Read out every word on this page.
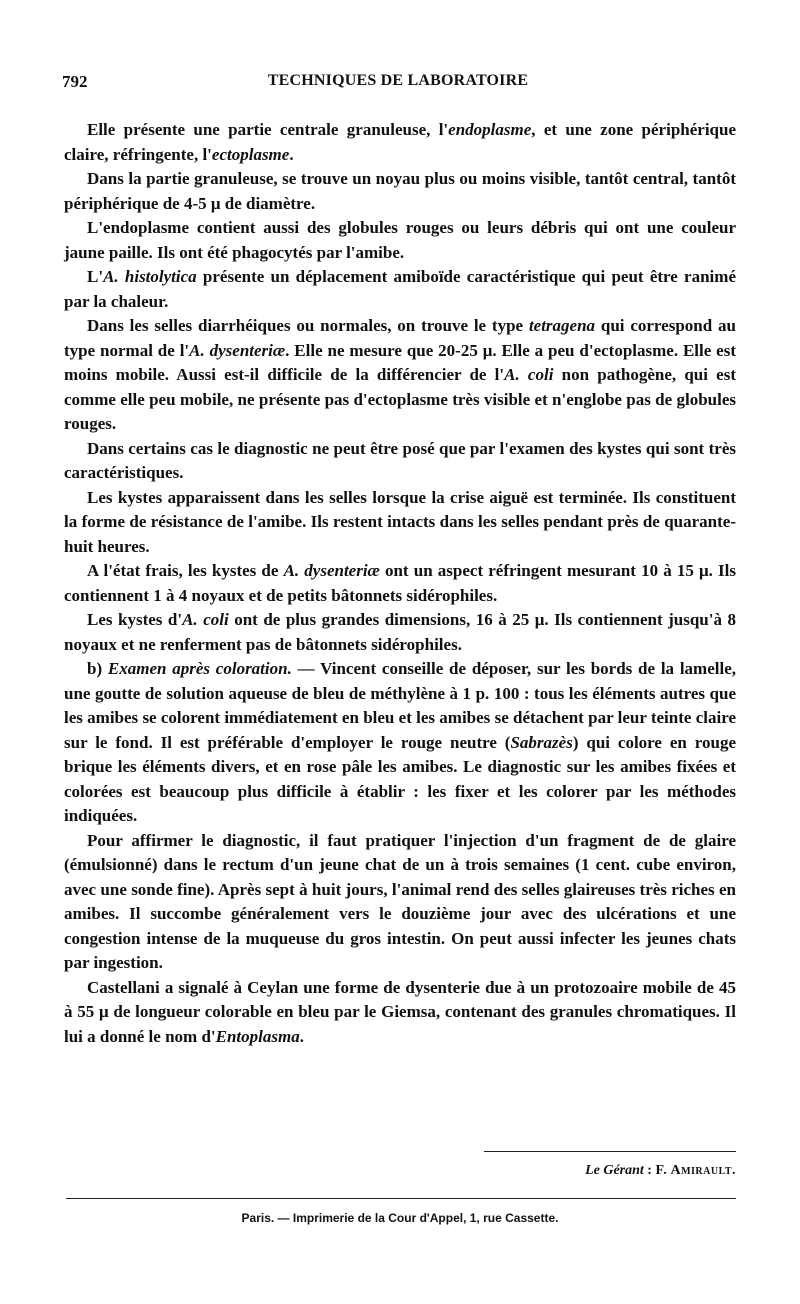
792	TECHNIQUES DE LABORATOIRE

Elle présente une partie centrale granuleuse, l'endoplasme, et une zone périphérique claire, réfringente, l'ectoplasme.

Dans la partie granuleuse, se trouve un noyau plus ou moins visible, tantôt central, tantôt périphérique de 4-5 μ de diamètre.

L'endoplasme contient aussi des globules rouges ou leurs débris qui ont une couleur jaune paille. Ils ont été phagocytés par l'amibe.

L'A. histolytica présente un déplacement amiboïde caractéristique qui peut être ranimé par la chaleur.

Dans les selles diarrhéiques ou normales, on trouve le type tetragena qui correspond au type normal de l'A. dysenteriæ. Elle ne mesure que 20-25 μ. Elle a peu d'ectoplasme. Elle est moins mobile. Aussi est-il difficile de la différencier de l'A. coli non pathogène, qui est comme elle peu mobile, ne présente pas d'ectoplasme très visible et n'englobe pas de globules rouges.

Dans certains cas le diagnostic ne peut être posé que par l'examen des kystes qui sont très caractéristiques.

Les kystes apparaissent dans les selles lorsque la crise aiguë est terminée. Ils constituent la forme de résistance de l'amibe. Ils restent intacts dans les selles pendant près de quarante-huit heures.

A l'état frais, les kystes de A. dysenteriæ ont un aspect réfringent mesurant 10 à 15 μ. Ils contiennent 1 à 4 noyaux et de petits bâtonnets sidérophiles.

Les kystes d'A. coli ont de plus grandes dimensions, 16 à 25 μ. Ils contiennent jusqu'à 8 noyaux et ne renferment pas de bâtonnets sidérophiles.

b) Examen après coloration. — Vincent conseille de déposer, sur les bords de la lamelle, une goutte de solution aqueuse de bleu de méthylène à 1 p. 100 : tous les éléments autres que les amibes se colorent immédiatement en bleu et les amibes se détachent par leur teinte claire sur le fond. Il est préférable d'employer le rouge neutre (Sabrazès) qui colore en rouge brique les éléments divers, et en rose pâle les amibes. Le diagnostic sur les amibes fixées et colorées est beaucoup plus difficile à établir : les fixer et les colorer par les méthodes indiquées.

Pour affirmer le diagnostic, il faut pratiquer l'injection d'un fragment de de glaire (émulsionné) dans le rectum d'un jeune chat de un à trois semaines (1 cent. cube environ, avec une sonde fine). Après sept à huit jours, l'animal rend des selles glaireuses très riches en amibes. Il succombe généralement vers le douzième jour avec des ulcérations et une congestion intense de la muqueuse du gros intestin. On peut aussi infecter les jeunes chats par ingestion.

Castellani a signalé à Ceylan une forme de dysenterie due à un protozoaire mobile de 45 à 55 μ de longueur colorable en bleu par le Giemsa, contenant des granules chromatiques. Il lui a donné le nom d'Entoplasma.

Le Gérant : F. Amirault.
Paris. — Imprimerie de la Cour d'Appel, 1, rue Cassette.
